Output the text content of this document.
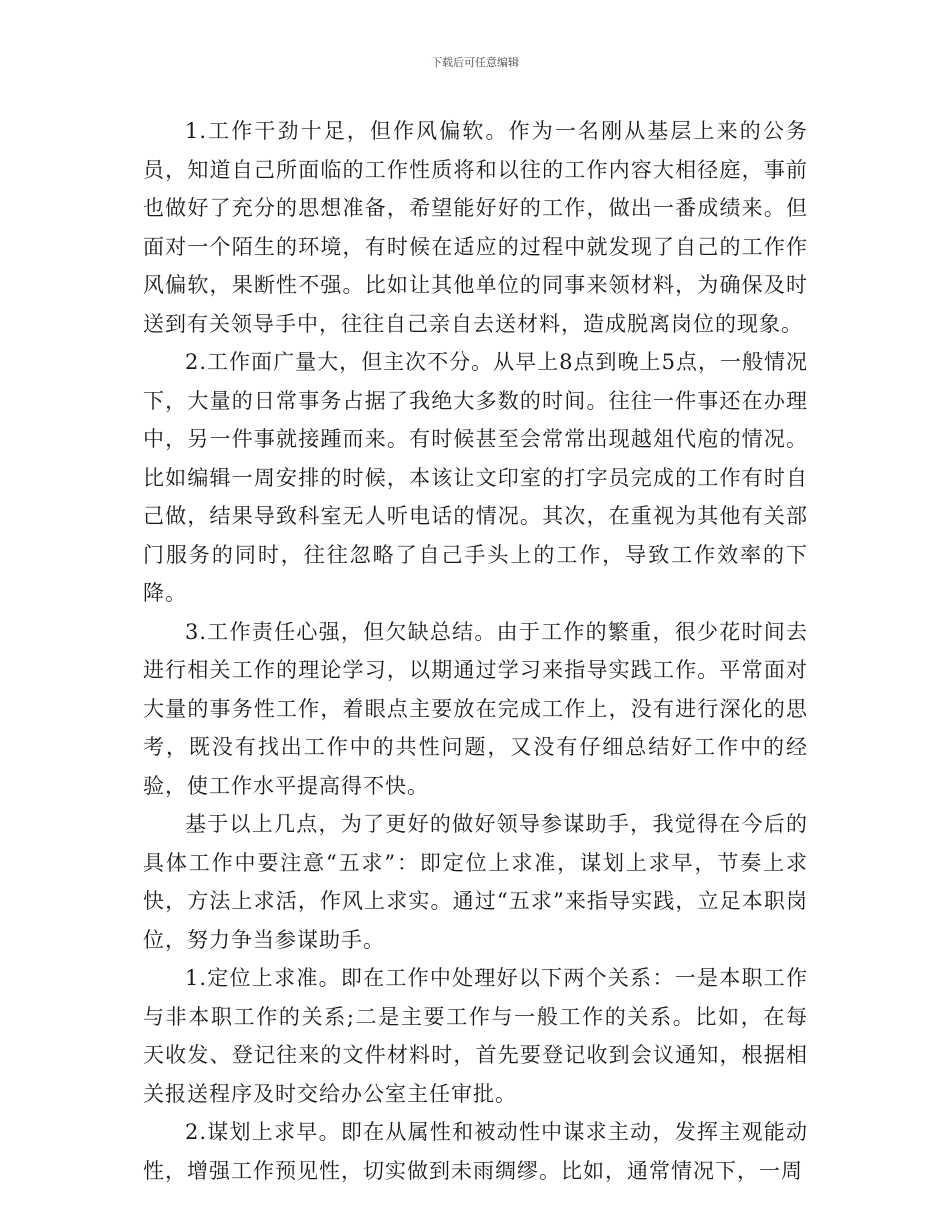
下载后可任意编辑

1.工作干劲十足，但作风偏软。作为一名刚从基层上来的公务员，知道自己所面临的工作性质将和以往的工作内容大相径庭，事前也做好了充分的思想准备，希望能好好的工作，做出一番成绩来。但面对一个陌生的环境，有时候在适应的过程中就发现了自己的工作作风偏软，果断性不强。比如让其他单位的同事来领材料，为确保及时送到有关领导手中，往往自己亲自去送材料，造成脱离岗位的现象。

2.工作面广量大，但主次不分。从早上8点到晚上5点，一般情况下，大量的日常事务占据了我绝大多数的时间。往往一件事还在办理中，另一件事就接踵而来。有时候甚至会常常出现越俎代庖的情况。比如编辑一周安排的时候，本该让文印室的打字员完成的工作有时自己做，结果导致科室无人听电话的情况。其次，在重视为其他有关部门服务的同时，往往忽略了自己手头上的工作，导致工作效率的下降。

3.工作责任心强，但欠缺总结。由于工作的繁重，很少花时间去进行相关工作的理论学习，以期通过学习来指导实践工作。平常面对大量的事务性工作，着眼点主要放在完成工作上，没有进行深化的思考，既没有找出工作中的共性问题，又没有仔细总结好工作中的经验，使工作水平提高得不快。

基于以上几点，为了更好的做好领导参谋助手，我觉得在今后的具体工作中要注意“五求”：即定位上求准，谋划上求早，节奏上求快，方法上求活，作风上求实。通过“五求”来指导实践，立足本职岗位，努力争当参谋助手。

1.定位上求准。即在工作中处理好以下两个关系：一是本职工作与非本职工作的关系;二是主要工作与一般工作的关系。比如，在每天收发、登记往来的文件材料时，首先要登记收到会议通知，根据相关报送程序及时交给办公室主任审批。

2.谋划上求早。即在从属性和被动性中谋求主动，发挥主观能动性，增强工作预见性，切实做到未雨绸缪。比如，通常情况下，一周
